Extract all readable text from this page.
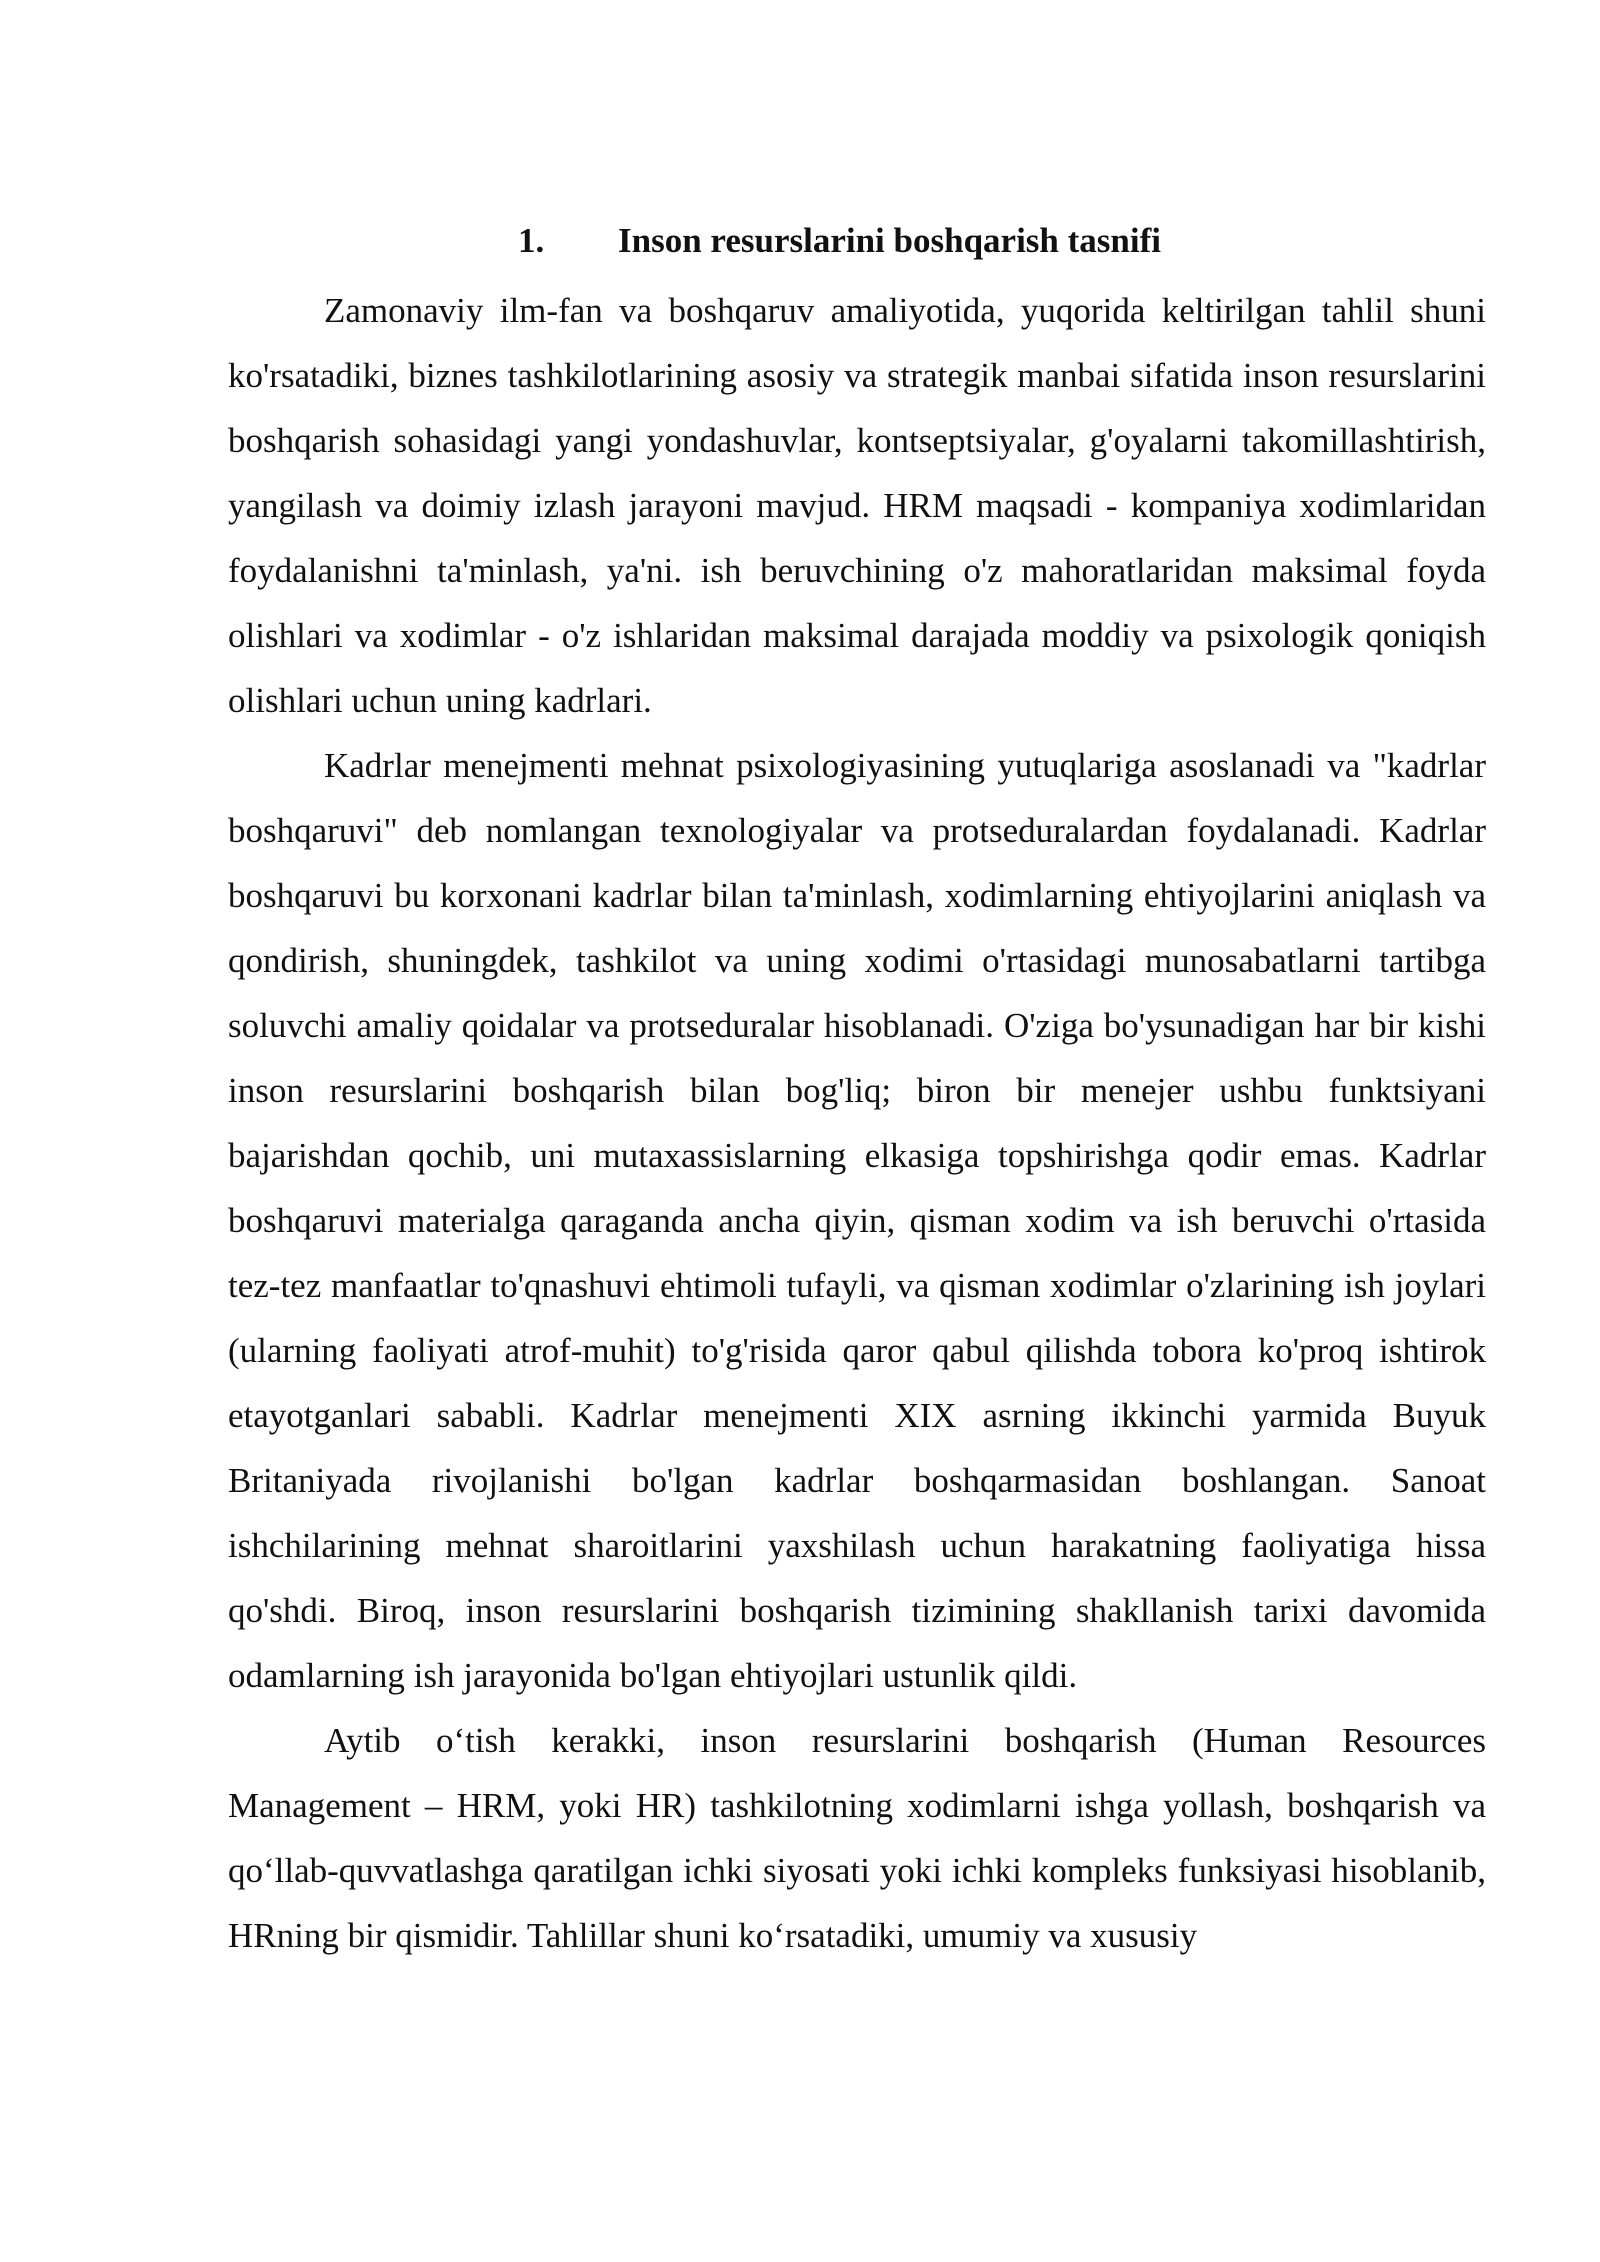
1.	Inson resurslarini boshqarish tasnifi

Zamonaviy ilm-fan va boshqaruv amaliyotida, yuqorida keltirilgan tahlil shuni ko'rsatadiki, biznes tashkilotlarining asosiy va strategik manbai sifatida inson resurslarini boshqarish sohasidagi yangi yondashuvlar, kontseptsiyalar, g'oyalarni takomillashtirish, yangilash va doimiy izlash jarayoni mavjud. HRM maqsadi - kompaniya xodimlaridan foydalanishni ta'minlash, ya'ni. ish beruvchining o'z mahoratlaridan maksimal foyda olishlari va xodimlar - o'z ishlaridan maksimal darajada moddiy va psixologik qoniqish olishlari uchun uning kadrlari.

Kadrlar menejmenti mehnat psixologiyasining yutuqlariga asoslanadi va "kadrlar boshqaruvi" deb nomlangan texnologiyalar va protseduralardan foydalanadi. Kadrlar boshqaruvi bu korxonani kadrlar bilan ta'minlash, xodimlarning ehtiyojlarini aniqlash va qondirish, shuningdek, tashkilot va uning xodimi o'rtasidagi munosabatlarni tartibga soluvchi amaliy qoidalar va protseduralar hisoblanadi. O'ziga bo'ysunadigan har bir kishi inson resurslarini boshqarish bilan bog'liq; biron bir menejer ushbu funktsiyani bajarishdan qochib, uni mutaxassislarning elkasiga topshirishga qodir emas. Kadrlar boshqaruvi materialga qaraganda ancha qiyin, qisman xodim va ish beruvchi o'rtasida tez-tez manfaatlar to'qnashuvi ehtimoli tufayli, va qisman xodimlar o'zlarining ish joylari (ularning faoliyati atrof-muhit) to'g'risida qaror qabul qilishda tobora ko'proq ishtirok etayotganlari sababli. Kadrlar menejmenti XIX asrning ikkinchi yarmida Buyuk Britaniyada rivojlanishi bo'lgan kadrlar boshqarmasidan boshlangan. Sanoat ishchilarining mehnat sharoitlarini yaxshilash uchun harakatning faoliyatiga hissa qo'shdi. Biroq, inson resurslarini boshqarish tizimining shakllanish tarixi davomida odamlarning ish jarayonida bo'lgan ehtiyojlari ustunlik qildi.

Aytib o‘tish kerakki, inson resurslarini boshqarish (Human Resources Management – HRM, yoki HR) tashkilotning xodimlarni ishga yollash, boshqarish va qo‘llab-quvvatlashga qaratilgan ichki siyosati yoki ichki kompleks funksiyasi hisoblanib, HRning bir qismidir. Tahlillar shuni ko‘rsatadiki, umumiy va xususiy
